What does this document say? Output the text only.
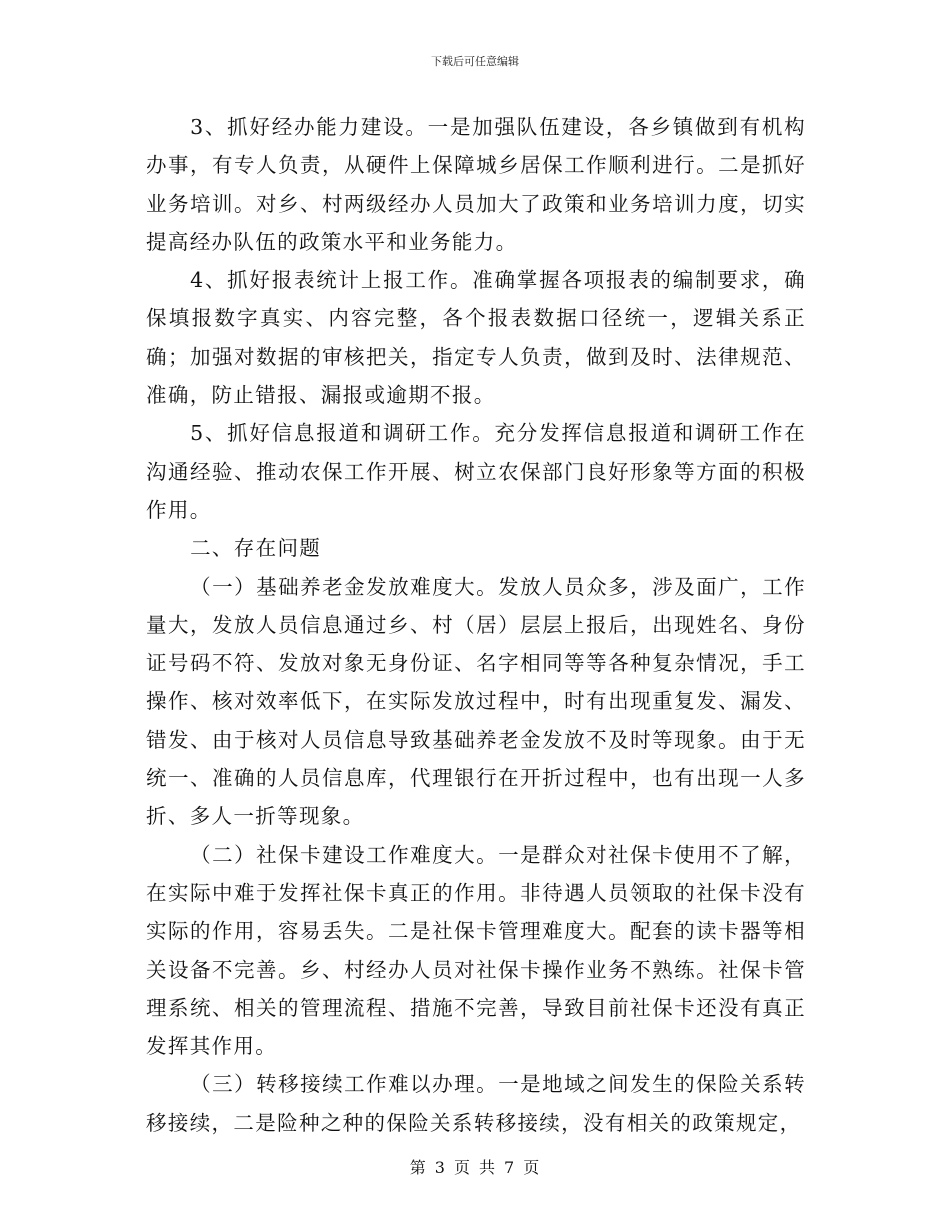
下载后可任意编辑

3、抓好经办能力建设。一是加强队伍建设，各乡镇做到有机构办事，有专人负责，从硬件上保障城乡居保工作顺利进行。二是抓好业务培训。对乡、村两级经办人员加大了政策和业务培训力度，切实提高经办队伍的政策水平和业务能力。

4、抓好报表统计上报工作。准确掌握各项报表的编制要求，确保填报数字真实、内容完整，各个报表数据口径统一，逻辑关系正确；加强对数据的审核把关，指定专人负责，做到及时、法律规范、准确，防止错报、漏报或逾期不报。

5、抓好信息报道和调研工作。充分发挥信息报道和调研工作在沟通经验、推动农保工作开展、树立农保部门良好形象等方面的积极作用。

二、存在问题

（一）基础养老金发放难度大。发放人员众多，涉及面广，工作量大，发放人员信息通过乡、村（居）层层上报后，出现姓名、身份证号码不符、发放对象无身份证、名字相同等等各种复杂情况，手工操作、核对效率低下，在实际发放过程中，时有出现重复发、漏发、错发、由于核对人员信息导致基础养老金发放不及时等现象。由于无统一、准确的人员信息库，代理银行在开折过程中，也有出现一人多折、多人一折等现象。

（二）社保卡建设工作难度大。一是群众对社保卡使用不了解，在实际中难于发挥社保卡真正的作用。非待遇人员领取的社保卡没有实际的作用，容易丢失。二是社保卡管理难度大。配套的读卡器等相关设备不完善。乡、村经办人员对社保卡操作业务不熟练。社保卡管理系统、相关的管理流程、措施不完善，导致目前社保卡还没有真正发挥其作用。

（三）转移接续工作难以办理。一是地域之间发生的保险关系转移接续，二是险种之种的保险关系转移接续，没有相关的政策规定，

第 3 页 共 7 页
